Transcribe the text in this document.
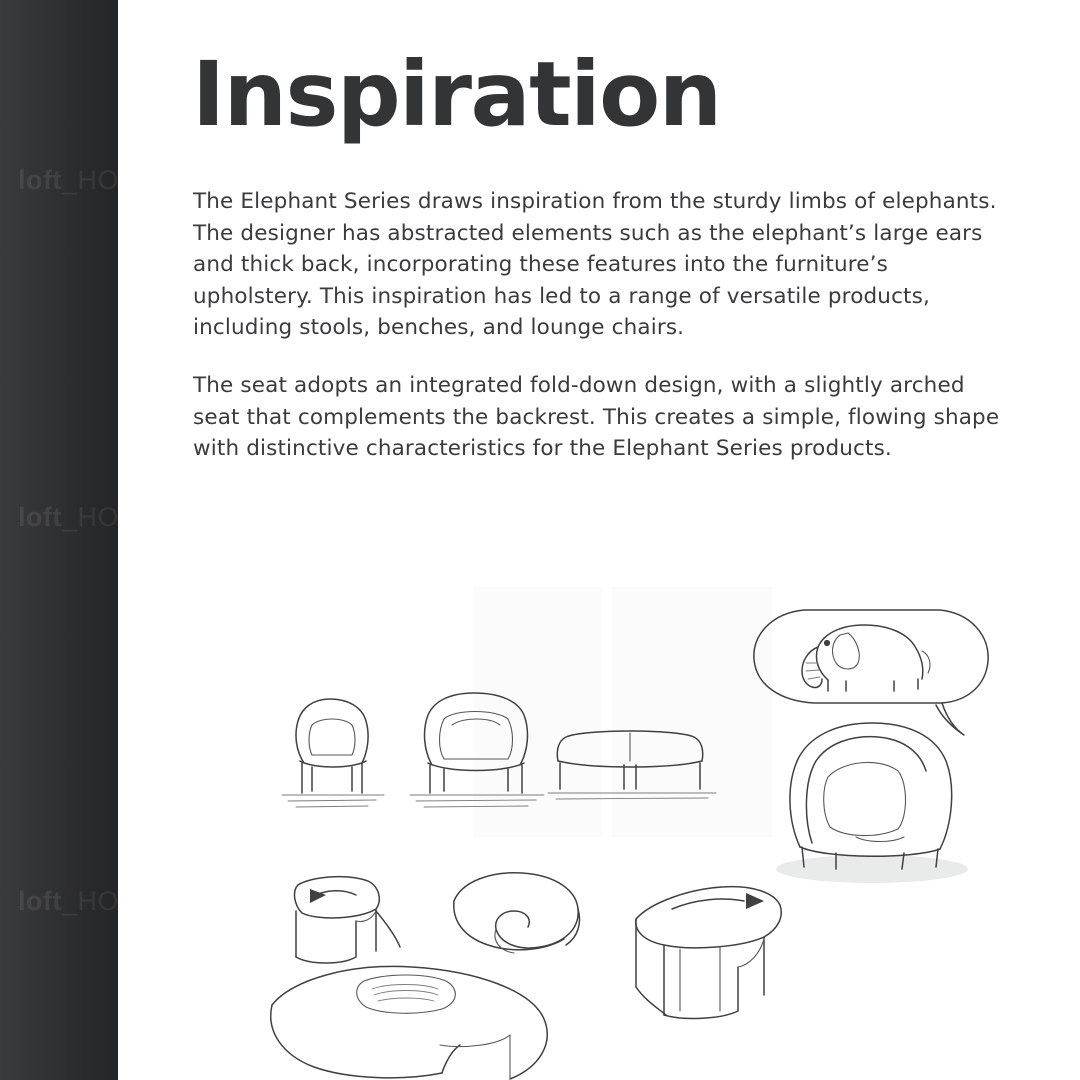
loft_HO
loft_HO
loft_HO
Inspiration

The Elephant Series draws inspiration from the sturdy limbs of elephants. The designer has abstracted elements such as the elephant’s large ears and thick back, incorporating these features into the furniture’s upholstery. This inspiration has led to a range of versatile products, including stools, benches, and lounge chairs.

The seat adopts an integrated fold-down design, with a slightly arched seat that complements the backrest. This creates a simple, flowing shape with distinctive characteristics for the Elephant Series products.
